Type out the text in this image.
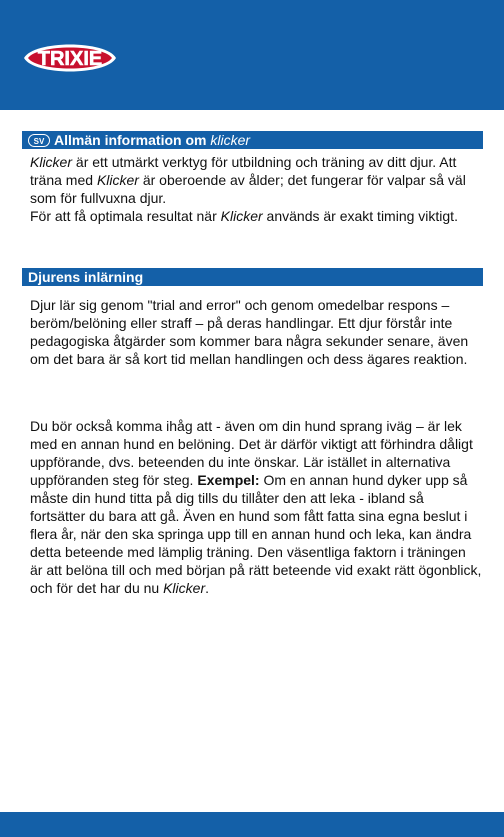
TRIXIE
SV Allmän information om klicker

Klicker är ett utmärkt verktyg för utbildning och träning av ditt djur. Att träna med Klicker är oberoende av ålder; det fungerar för valpar så väl som för fullvuxna djur.
För att få optimala resultat när Klicker används är exakt timing viktigt.

Djurens inlärning

Djur lär sig genom "trial and error" och genom omedelbar respons – beröm/belöning eller straff – på deras handlingar. Ett djur förstår inte pedagogiska åtgärder som kommer bara några sekunder senare, även om det bara är så kort tid mellan handlingen och dess ägares reaktion.

Du bör också komma ihåg att - även om din hund sprang iväg – är lek med en annan hund en belöning. Det är därför viktigt att förhindra dåligt uppförande, dvs. beteenden du inte önskar. Lär istället in alternativa uppföranden steg för steg. Exempel: Om en annan hund dyker upp så måste din hund titta på dig tills du tillåter den att leka - ibland så fortsätter du bara att gå. Även en hund som fått fatta sina egna beslut i flera år, när den ska springa upp till en annan hund och leka, kan ändra detta beteende med lämplig träning. Den väsentliga faktorn i träningen är att belöna till och med början på rätt beteende vid exakt rätt ögonblick, och för det har du nu Klicker.
